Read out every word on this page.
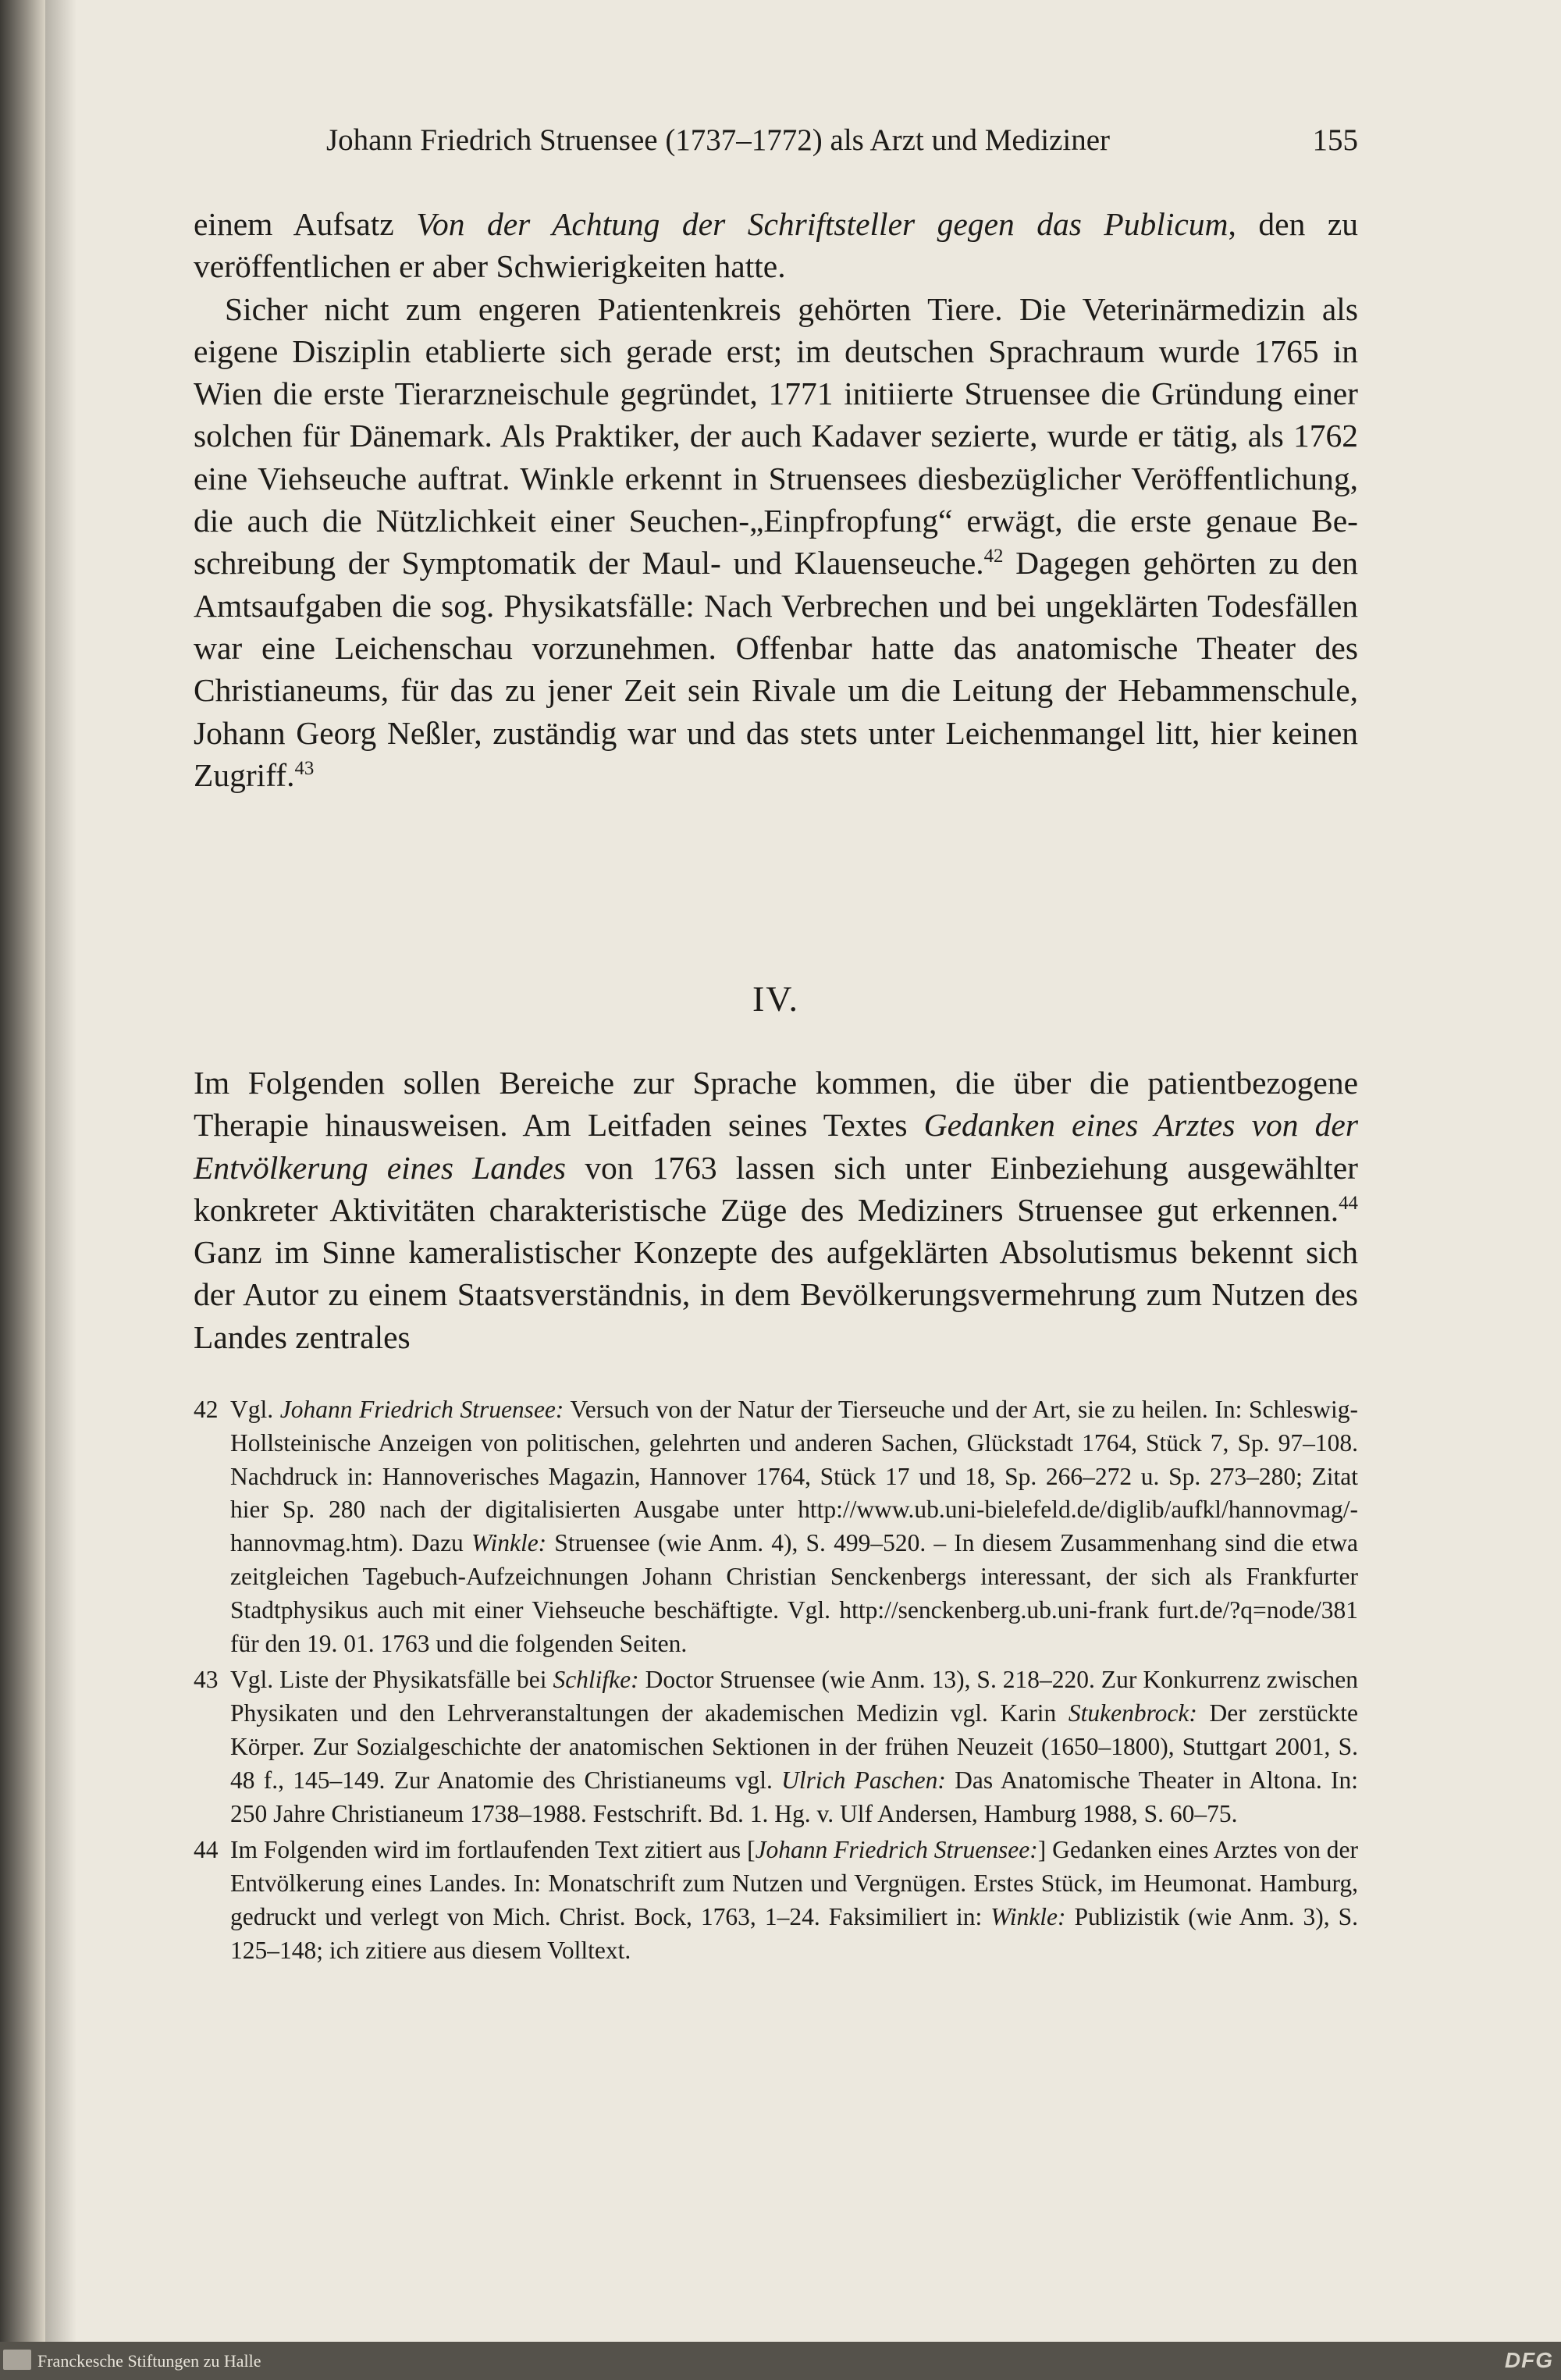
Johann Friedrich Struensee (1737–1772) als Arzt und Mediziner	155

einem Aufsatz Von der Achtung der Schriftsteller gegen das Publicum, den zu veröffentlichen er aber Schwierigkeiten hatte.

Sicher nicht zum engeren Patientenkreis gehörten Tiere. Die Veterinärmedizin als eigene Disziplin etablierte sich gerade erst; im deutschen Sprachraum wurde 1765 in Wien die erste Tierarzneischule gegründet, 1771 initiierte Struensee die Gründung einer solchen für Dänemark. Als Praktiker, der auch Kadaver sezierte, wurde er tätig, als 1762 eine Viehseuche auftrat. Winkle erkennt in Struensees diesbezüglicher Veröffentlichung, die auch die Nützlichkeit einer Seuchen-„Einpfropfung“ erwägt, die erste genaue Beschreibung der Symptomatik der Maul- und Klauenseuche.$^{42}$ Dagegen gehörten zu den Amtsaufgaben die sog. Physikatsfälle: Nach Verbrechen und bei ungeklärten Todesfällen war eine Leichenschau vorzunehmen. Offenbar hatte das anatomische Theater des Christianeums, für das zu jener Zeit sein Rivale um die Leitung der Hebammenschule, Johann Georg Neßler, zuständig war und das stets unter Leichenmangel litt, hier keinen Zugriff.$^{43}$

IV.

Im Folgenden sollen Bereiche zur Sprache kommen, die über die patientbezogene Therapie hinausweisen. Am Leitfaden seines Textes Gedanken eines Arztes von der Entvölkerung eines Landes von 1763 lassen sich unter Einbeziehung ausgewählter konkreter Aktivitäten charakteristische Züge des Mediziners Struensee gut erkennen.$^{44}$ Ganz im Sinne kameralistischer Konzepte des aufgeklärten Absolutismus bekennt sich der Autor zu einem Staatsverständnis, in dem Bevölkerungsvermehrung zum Nutzen des Landes zentrales

42 Vgl. Johann Friedrich Struensee: Versuch von der Natur der Tierseuche und der Art, sie zu heilen. In: Schleswig-Hollsteinische Anzeigen von politischen, gelehrten und anderen Sachen, Glückstadt 1764, Stück 7, Sp. 97–108. Nachdruck in: Hannoverisches Magazin, Hannover 1764, Stück 17 und 18, Sp. 266–272 u. Sp. 273–280; Zitat hier Sp. 280 nach der digitalisierten Ausgabe unter http://www.ub.uni-bielefeld.de/diglib/aufkl/hannovmag/-hannovmag.htm). Dazu Winkle: Struensee (wie Anm. 4), S. 499–520. – In diesem Zusammenhang sind die etwa zeitgleichen Tagebuch-Aufzeichnungen Johann Christian Senckenbergs interessant, der sich als Frankfurter Stadtphysikus auch mit einer Viehseuche beschäftigte. Vgl. http://senckenberg.ub.uni-frank furt.de/?q=node/381 für den 19. 01. 1763 und die folgenden Seiten.
43 Vgl. Liste der Physikatsfälle bei Schlifke: Doctor Struensee (wie Anm. 13), S. 218–220. Zur Konkurrenz zwischen Physikaten und den Lehrveranstaltungen der akademischen Medizin vgl. Karin Stukenbrock: Der zerstückte Körper. Zur Sozialgeschichte der anatomischen Sektionen in der frühen Neuzeit (1650–1800), Stuttgart 2001, S. 48 f., 145–149. Zur Anatomie des Christianeums vgl. Ulrich Paschen: Das Anatomische Theater in Altona. In: 250 Jahre Christianeum 1738–1988. Festschrift. Bd. 1. Hg. v. Ulf Andersen, Hamburg 1988, S. 60–75.
44 Im Folgenden wird im fortlaufenden Text zitiert aus [Johann Friedrich Struensee:] Gedanken eines Arztes von der Entvölkerung eines Landes. In: Monatschrift zum Nutzen und Vergnügen. Erstes Stück, im Heumonat. Hamburg, gedruckt und verlegt von Mich. Christ. Bock, 1763, 1–24. Faksimiliert in: Winkle: Publizistik (wie Anm. 3), S. 125–148; ich zitiere aus diesem Volltext.
Franckesche Stiftungen zu Halle	DFG
